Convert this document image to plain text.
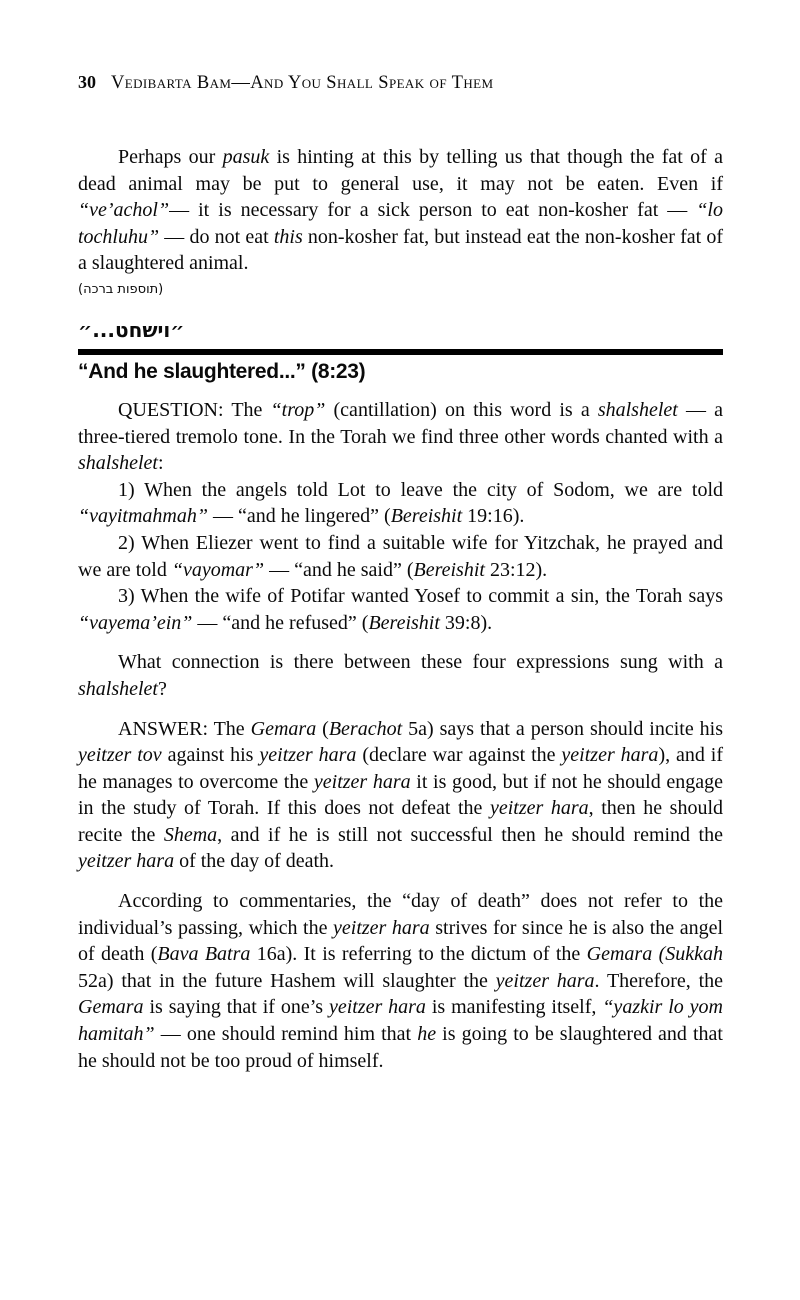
30 Vedibarta Bam—And You Shall Speak of Them

Perhaps our pasuk is hinting at this by telling us that though the fat of a dead animal may be put to general use, it may not be eaten. Even if “ve’achol”— it is necessary for a sick person to eat non-kosher fat — “lo tochluhu” — do not eat this non-kosher fat, but instead eat the non-kosher fat of a slaughtered animal.

(תוספות ברכה)
״וישחט...״
“And he slaughtered...” (8:23)

QUESTION: The “trop” (cantillation) on this word is a shalshelet — a three-tiered tremolo tone. In the Torah we find three other words chanted with a shalshelet:

1) When the angels told Lot to leave the city of Sodom, we are told “vayitmahmah” — “and he lingered” (Bereishit 19:16).

2) When Eliezer went to find a suitable wife for Yitzchak, he prayed and we are told “vayomar” — “and he said” (Bereishit 23:12).

3) When the wife of Potifar wanted Yosef to commit a sin, the Torah says “vayema’ein” — “and he refused” (Bereishit 39:8).

What connection is there between these four expressions sung with a shalshelet?

ANSWER: The Gemara (Berachot 5a) says that a person should incite his yeitzer tov against his yeitzer hara (declare war against the yeitzer hara), and if he manages to overcome the yeitzer hara it is good, but if not he should engage in the study of Torah. If this does not defeat the yeitzer hara, then he should recite the Shema, and if he is still not successful then he should remind the yeitzer hara of the day of death.

According to commentaries, the “day of death” does not refer to the individual’s passing, which the yeitzer hara strives for since he is also the angel of death (Bava Batra 16a). It is referring to the dictum of the Gemara (Sukkah 52a) that in the future Hashem will slaughter the yeitzer hara. Therefore, the Gemara is saying that if one’s yeitzer hara is manifesting itself, “yazkir lo yom hamitah” — one should remind him that he is going to be slaughtered and that he should not be too proud of himself.
